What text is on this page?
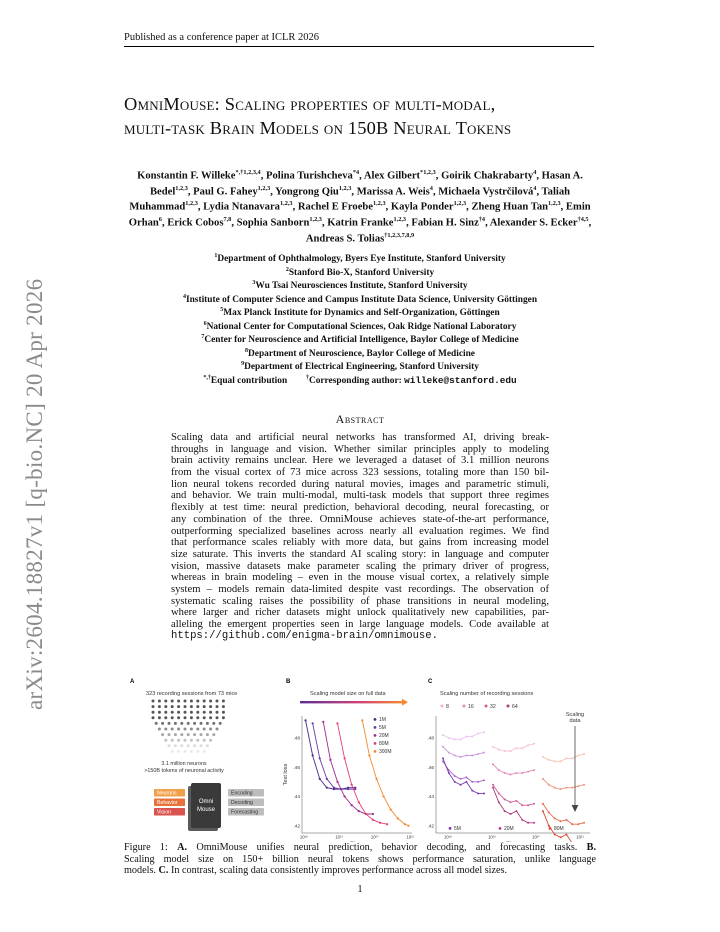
Published as a conference paper at ICLR 2026
arXiv:2604.18827v1 [q-bio.NC] 20 Apr 2026
OmniMouse: Scaling properties of multi-modal,
multi-task Brain Models on 150B Neural Tokens
Konstantin F. Willeke$^{*,\dagger 1,2,3,4}$, Polina Turishcheva$^{*4}$, Alex Gilbert$^{*1,2,3}$, Goirik Chakrabarty$^4$, Hasan A. Bedel$^{1,2,3}$, Paul G. Fahey$^{1,2,3}$, Yongrong Qiu$^{1,2,3}$, Marissa A. Weis$^4$, Michaela Vystrčilová$^4$, Taliah Muhammad$^{1,2,3}$, Lydia Ntanavara$^{1,2,3}$, Rachel E Froebe$^{1,2,3}$, Kayla Ponder$^{1,2,3}$, Zheng Huan Tan$^{1,2,3}$, Emin Orhan$^6$, Erick Cobos$^{7,8}$, Sophia Sanborn$^{1,2,3}$, Katrin Franke$^{1,2,3}$, Fabian H. Sinz$^{\dagger 4}$, Alexander S. Ecker$^{\dagger 4,5}$, Andreas S. Tolias$^{\dagger 1,2,3,7,8,9}$
$^1$Department of Ophthalmology, Byers Eye Institute, Stanford University
$^2$Stanford Bio-X, Stanford University
$^3$Wu Tsai Neurosciences Institute, Stanford University
$^4$Institute of Computer Science and Campus Institute Data Science, University Göttingen
$^5$Max Planck Institute for Dynamics and Self-Organization, Göttingen
$^6$National Center for Computational Sciences, Oak Ridge National Laboratory
$^7$Center for Neuroscience and Artificial Intelligence, Baylor College of Medicine
$^8$Department of Neuroscience, Baylor College of Medicine
$^9$Department of Electrical Engineering, Stanford University
*,†Equal contribution  †Corresponding author: willeke@stanford.edu
Abstract
Scaling data and artificial neural networks has transformed AI, driving break-
throughs in language and vision. Whether similar principles apply to modeling
brain activity remains unclear. Here we leveraged a dataset of 3.1 million neurons
from the visual cortex of 73 mice across 323 sessions, totaling more than 150 bil-
lion neural tokens recorded during natural movies, images and parametric stimuli,
and behavior. We train multi-modal, multi-task models that support three regimes
flexibly at test time: neural prediction, behavioral decoding, neural forecasting, or
any combination of the three. OmniMouse achieves state-of-the-art performance,
outperforming specialized baselines across nearly all evaluation regimes. We find
that performance scales reliably with more data, but gains from increasing model
size saturate. This inverts the standard AI scaling story: in language and computer
vision, massive datasets make parameter scaling the primary driver of progress,
whereas in brain modeling – even in the mouse visual cortex, a relatively simple
system – models remain data-limited despite vast recordings. The observation of
systematic scaling raises the possibility of phase transitions in neural modeling,
where larger and richer datasets might unlock qualitatively new capabilities, par-
alleling the emergent properties seen in large language models. Code available at
https://github.com/enigma-brain/omnimouse.
A
323 recording sessions from 73 mice
3.1 million neurons
>150B tokens of neuronal activity
Neurons
Behavior
Vision
Omni
Mouse
Encoding
Decoding
Forecasting
B
Scaling model size on full data
.42
.44
.46
.48
10¹⁸	10¹⁹	10²⁰	10²¹
Test loss
1M
5M
20M
80M
300M
C
Scaling number of recording sessions
8	16	32	64
.42
.44
.46
.48
5M	20M	80M
10¹⁸	10¹⁹	10²⁰	10²¹
Scaling
data
Figure 1: A. OmniMouse unifies neural prediction, behavior decoding, and forecasting tasks. B.
Scaling model size on 150+ billion neural tokens shows performance saturation, unlike language
models. C. In contrast, scaling data consistently improves performance across all model sizes.
1
